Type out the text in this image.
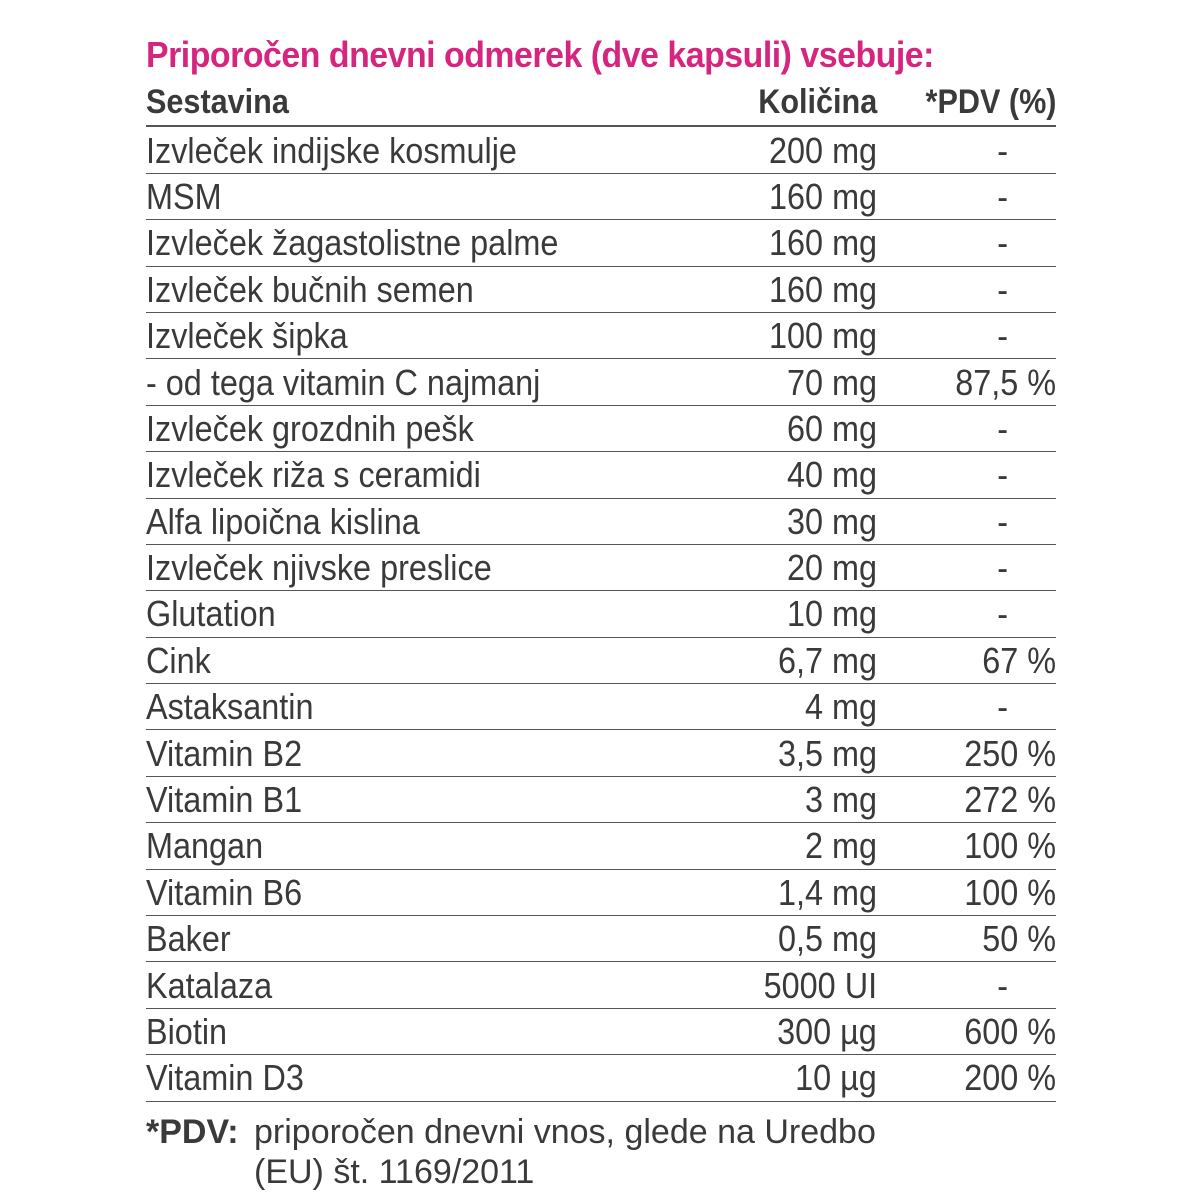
Priporočen dnevni odmerek (dve kapsuli) vsebuje:
Sestavina	Količina	*PDV (%)
Izvleček indijske kosmulje	200 mg	-
MSM	160 mg	-
Izvleček žagastolistne palme	160 mg	-
Izvleček bučnih semen	160 mg	-
Izvleček šipka	100 mg	-
- od tega vitamin C najmanj	70 mg	87,5 %
Izvleček grozdnih pešk	60 mg	-
Izvleček riža s ceramidi	40 mg	-
Alfa lipoična kislina	30 mg	-
Izvleček njivske preslice	20 mg	-
Glutation	10 mg	-
Cink	6,7 mg	67 %
Astaksantin	4 mg	-
Vitamin B2	3,5 mg	250 %
Vitamin B1	3 mg	272 %
Mangan	2 mg	100 %
Vitamin B6	1,4 mg	100 %
Baker	0,5 mg	50 %
Katalaza	5000 UI	-
Biotin	300 µg	600 %
Vitamin D3	10 µg	200 %
*PDV: priporočen dnevni vnos, glede na Uredbo (EU) št. 1169/2011
